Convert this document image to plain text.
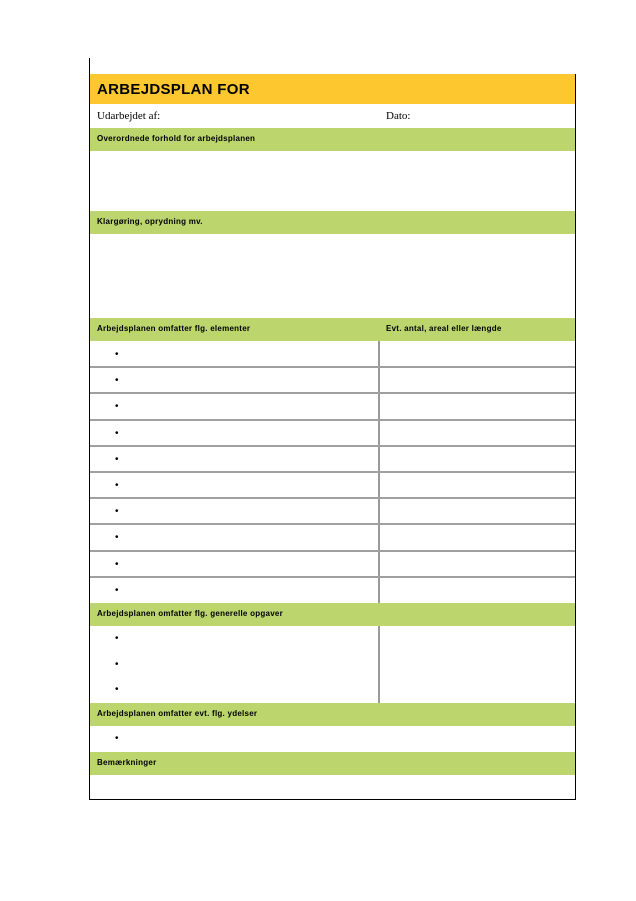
ARBEJDSPLAN FOR
Udarbejdet af:	Dato:
Overordnede forhold for arbejdsplanen
Klargøring, oprydning mv.
Arbejdsplanen omfatter flg. elementer	Evt. antal, areal eller længde
•
•
•
•
•
•
•
•
•
•
Arbejdsplanen omfatter flg. generelle opgaver
•
•
•
Arbejdsplanen omfatter evt. flg. ydelser
•
Bemærkninger
